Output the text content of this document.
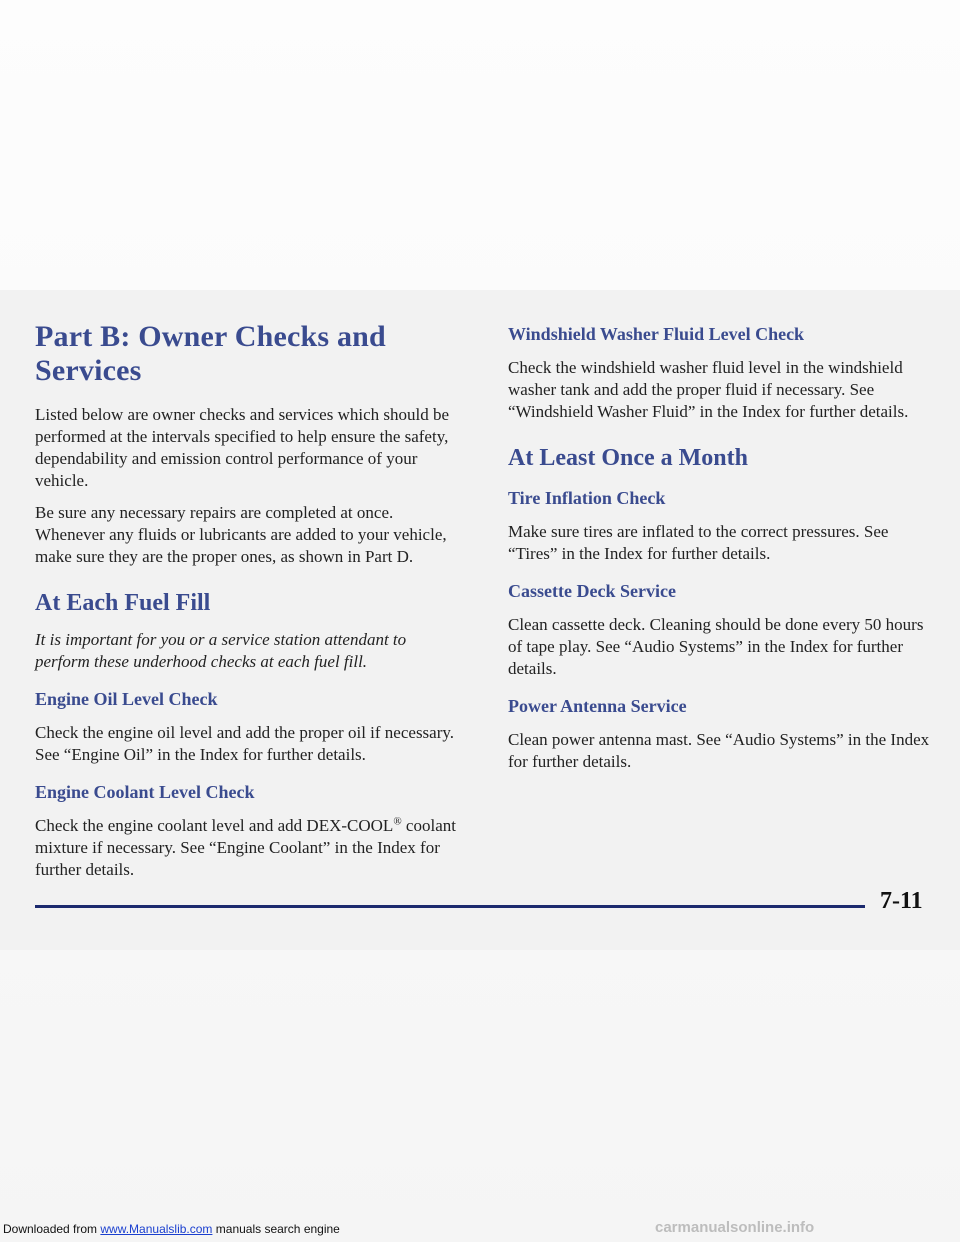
Part B: Owner Checks and Services

Listed below are owner checks and services which should be performed at the intervals specified to help ensure the safety, dependability and emission control performance of your vehicle.

Be sure any necessary repairs are completed at once. Whenever any fluids or lubricants are added to your vehicle, make sure they are the proper ones, as shown in Part D.

At Each Fuel Fill

It is important for you or a service station attendant to perform these underhood checks at each fuel fill.

Engine Oil Level Check

Check the engine oil level and add the proper oil if necessary. See “Engine Oil” in the Index for further details.

Engine Coolant Level Check

Check the engine coolant level and add DEX-COOL® coolant mixture if necessary. See “Engine Coolant” in the Index for further details.

Windshield Washer Fluid Level Check

Check the windshield washer fluid level in the windshield washer tank and add the proper fluid if necessary. See “Windshield Washer Fluid” in the Index for further details.

At Least Once a Month
Tire Inflation Check

Make sure tires are inflated to the correct pressures. See “Tires” in the Index for further details.

Cassette Deck Service

Clean cassette deck. Cleaning should be done every 50 hours of tape play. See “Audio Systems” in the Index for further details.

Power Antenna Service

Clean power antenna mast. See “Audio Systems” in the Index for further details.

7-11
Downloaded from www.Manualslib.com manuals search engine	carmanualsonline.info
